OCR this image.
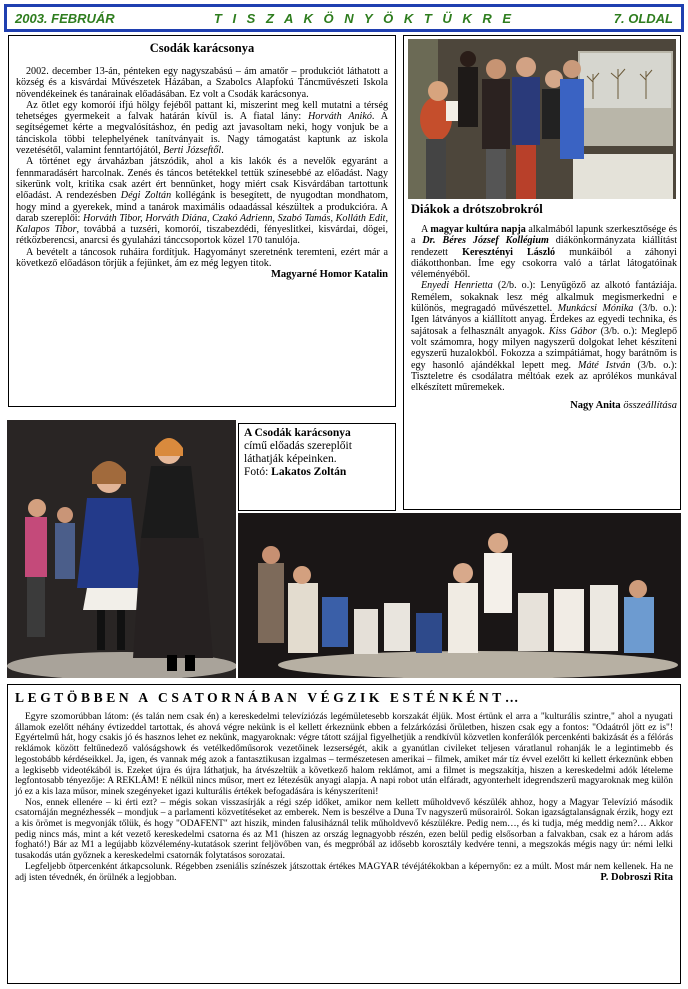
2003. FEBRUÁR	T I S Z A K Ö N Y Ö K T Ü K R E	7. OLDAL
Csodák karácsonya

2002. december 13-án, pénteken egy nagyszabású – ám amatőr – produkciót láthatott a község és a kisvárdai Művészetek Házában, a Szabolcs Alapfokú Táncművészeti Iskola növendékeinek és tanárainak előadásában. Ez volt a Csodák karácsonya.

Az ötlet egy komoróí ifjú hölgy fejéből pattant ki, miszerint meg kell mutatni a térség tehetséges gyermekeit a falvak határán kívül is. A fiatal lány: Horváth Anikó. A segítségemet kérte a megvalósításhoz, én pedig azt javasoltam neki, hogy vonjuk be a tánciskola többi telephelyének tanítványait is. Nagy támogatást kaptunk az iskola vezetésétől, valamint fenntartójától, Berti Józseftől.

A történet egy árvaházban játszódik, ahol a kis lakók és a nevelők egyaránt a fennmaradásért harcolnak. Zenés és táncos betétekkel tettük színesebbé az előadást. Nagy sikerünk volt, kritika csak azért ért bennünket, hogy miért csak Kisvárdában tartottunk előadást. A rendezésben Dégi Zoltán kollégánk is besegített, de nyugodtan mondhatom, hogy mind a gyerekek, mind a tanárok maximális odaadással készültek a produkcióra. A darab szereplői: Horváth Tibor, Horváth Diána, Czakó Adrienn, Szabó Tamás, Kolláth Edit, Kalapos Tibor, továbbá a tuzséri, komoróí, tiszabezdédi, fényeslitkei, kisvárdai, dögei, rétközberencsi, anarcsi és gyulaházi tánccsoportok közel 170 tanulója.

A bevételt a táncosok ruháira fordítjuk. Hagyományt szeretnénk teremteni, ezért már a következő előadáson törjük a fejünket, ám ez még legyen titok.
Magyarné Homor Katalin

Diákok a drótszobrokról

A magyar kultúra napja alkalmából lapunk szerkesztősége és a Dr. Béres József Kollégium diákönkormányzata kiállítást rendezett Keresztényi László munkáiból a záhonyi diákotthonban. Íme egy csokorra való a tárlat látogatóinak véleményéből.

Enyedi Henrietta (2/b. o.): Lenyűgöző az alkotó fantáziája. Remélem, sokaknak lesz még alkalmuk megismerkedni e különös, megragadó művészettel. Munkácsi Mónika (3/b. o.): Igen látványos a kiállított anyag. Érdekes az egyedi technika, és sajátosak a felhasznált anyagok. Kiss Gábor (3/b. o.): Meglepő volt számomra, hogy milyen nagyszerű dolgokat lehet készíteni egyszerű huzalokból. Fokozza a szimpátiámat, hogy barátnőm is egy hasonló ajándékkal lepett meg. Máté István (3/b. o.): Tiszteletre és csodálatra méltóak ezek az aprólékos munkával elkészített műremekek.

Nagy Anita összeállítása
A Csodák karácsonya
című előadás szereplőit láthatják képeinken.
Fotó: Lakatos Zoltán
LEGTÖBBEN A CSATORNÁBAN VÉGZIK ESTÉNKÉNT…

Egyre szomorúbban látom: (és talán nem csak én) a kereskedelmi televíziózás legémületesebb korszakát éljük. Most értünk el arra a "kulturális szintre," ahol a nyugati államok ezelőtt néhány évtizeddel tartottak, és ahová végre nekünk is el kellett érkeznünk ebben a felzárkózási őrületben, hiszen csak egy a fontos: "Odaátról jött ez is"! Egyértelmű hát, hogy csakis jó és hasznos lehet ez nekünk, magyaroknak: végre tátott szájjal figyelhetjük a rendkívül közvetlen konferálók percenkénti bakizását és a félórás reklámok között feltűnedező valóságshowk és vetélkedőműsorok vezetőinek lezserségét, akik a gyanútlan civileket teljesen váratlanul rohanják le a legintimebb és legostobább kérdéseikkel. Ja, igen, és vannak még azok a fantasztikusan izgalmas – természetesen amerikai – filmek, amiket már tíz évvel ezelőtt ki kellett érkeznünk ebben a legkisebb videotékából is. Ezeket újra és újra láthatjuk, ha átvészeltük a következő halom reklámot, ami a filmet is megszakítja, hiszen a kereskedelmi adók lételeme legfontosabb tényezője: A REKLÁM! E nélkül nincs műsor, mert ez létezésük anyagi alapja. A napi robot után elfáradt, agyonterhelt idegrendszerű magyaroknak meg külön jó ez a kis laza műsor, minek szegényeket igazi kulturális értékek befogadására is kényszeríteni!

Nos, ennek ellenére – ki érti ezt? – mégis sokan visszasírják a régi szép időket, amikor nem kellett műholdvevő készülék ahhoz, hogy a Magyar Televízió második csatornáján megnézhessék – mondjuk – a parlamenti közvetítéseket az emberek. Nem is beszélve a Duna Tv nagyszerű műsorairól. Sokan igazságtalanságnak érzik, hogy ezt a kis örömet is megvonják tőlük, és hogy "ODAFENT" azt hiszik, minden falusiháznál telik műholdvevő készülékre. Pedig nem…, és ki tudja, még meddig nem?… Akkor pedig nincs más, mint a két vezető kereskedelmi csatorna és az M1 (hiszen az ország legnagyobb részén, ezen belül pedig elsősorban a falvakban, csak ez a három adás fogható!) Bár az M1 a legújabb közvélemény-kutatások szerint feljövőben van, és megpróbál az idősebb korosztály kedvére tenni, a megszokás mégis nagy úr: némi lelki tusakodás után győznek a kereskedelmi csatornák folytatásos sorozatai.

Legfeljebb ötpercenként átkapcsolunk. Régebben zseniális színészek játszottak értékes MAGYAR tévéjátékokban a képernyőn: ez a múlt. Most már nem kellenek. Ha ne adj isten tévednék, én örülnék a legjobban.	P. Dobroszi Rita
